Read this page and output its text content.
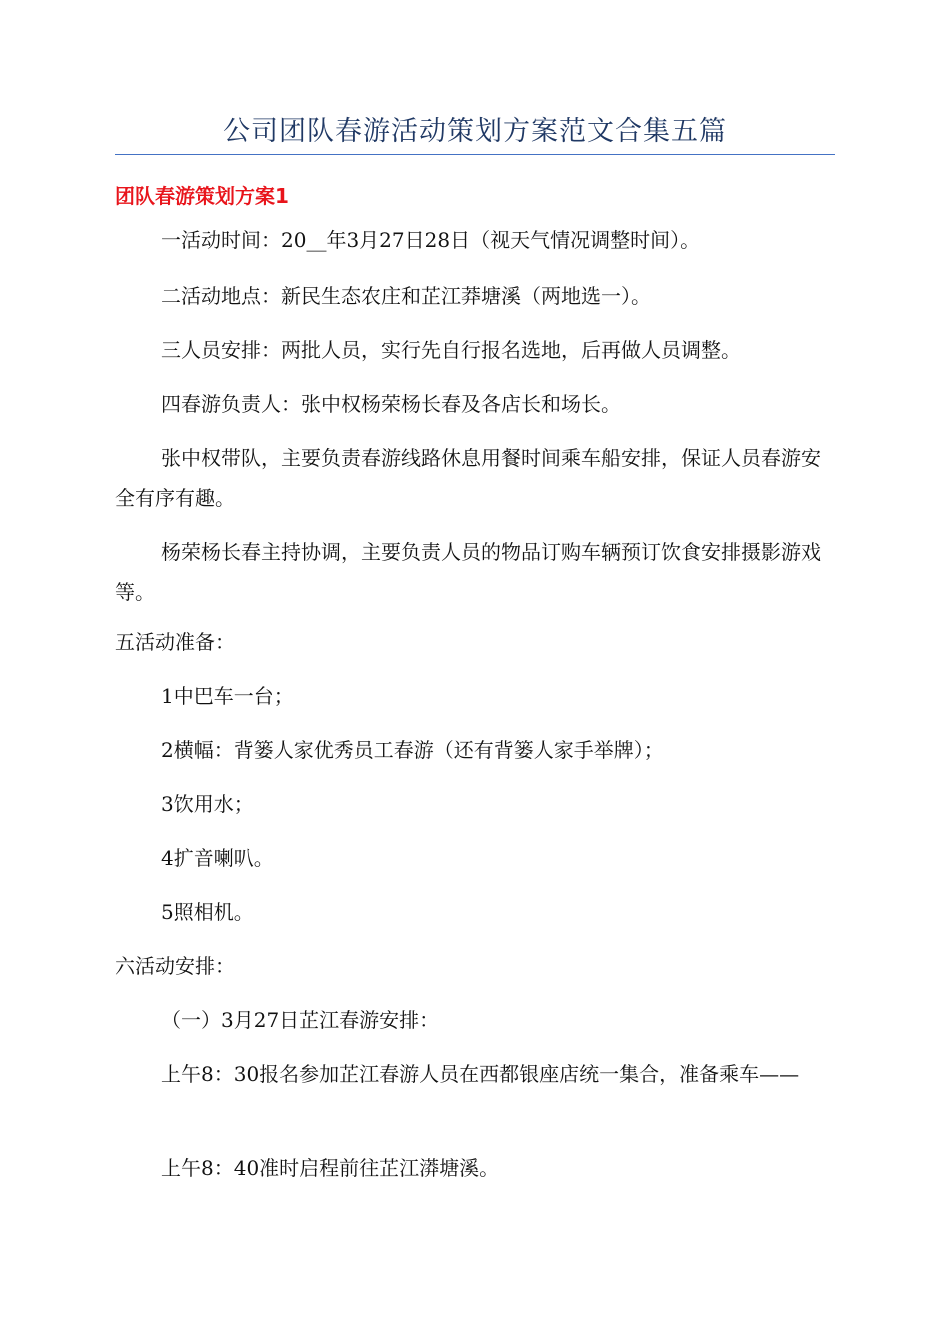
公司团队春游活动策划方案范文合集五篇
团队春游策划方案1

一活动时间：20__年3月27日28日（视天气情况调整时间）。

二活动地点：新民生态农庄和芷江莽塘溪（两地选一）。

三人员安排：两批人员，实行先自行报名选地，后再做人员调整。

四春游负责人：张中权杨荣杨长春及各店长和场长。

张中权带队，主要负责春游线路休息用餐时间乘车船安排，保证人员春游安全有序有趣。

杨荣杨长春主持协调，主要负责人员的物品订购车辆预订饮食安排摄影游戏等。

五活动准备：

1中巴车一台；

2横幅：背篓人家优秀员工春游（还有背篓人家手举牌）；

3饮用水；

4扩音喇叭。

5照相机。

六活动安排：

（一）3月27日芷江春游安排：

上午8：30报名参加芷江春游人员在西都银座店统一集合，准备乘车——

上午8：40准时启程前往芷江漭塘溪。
